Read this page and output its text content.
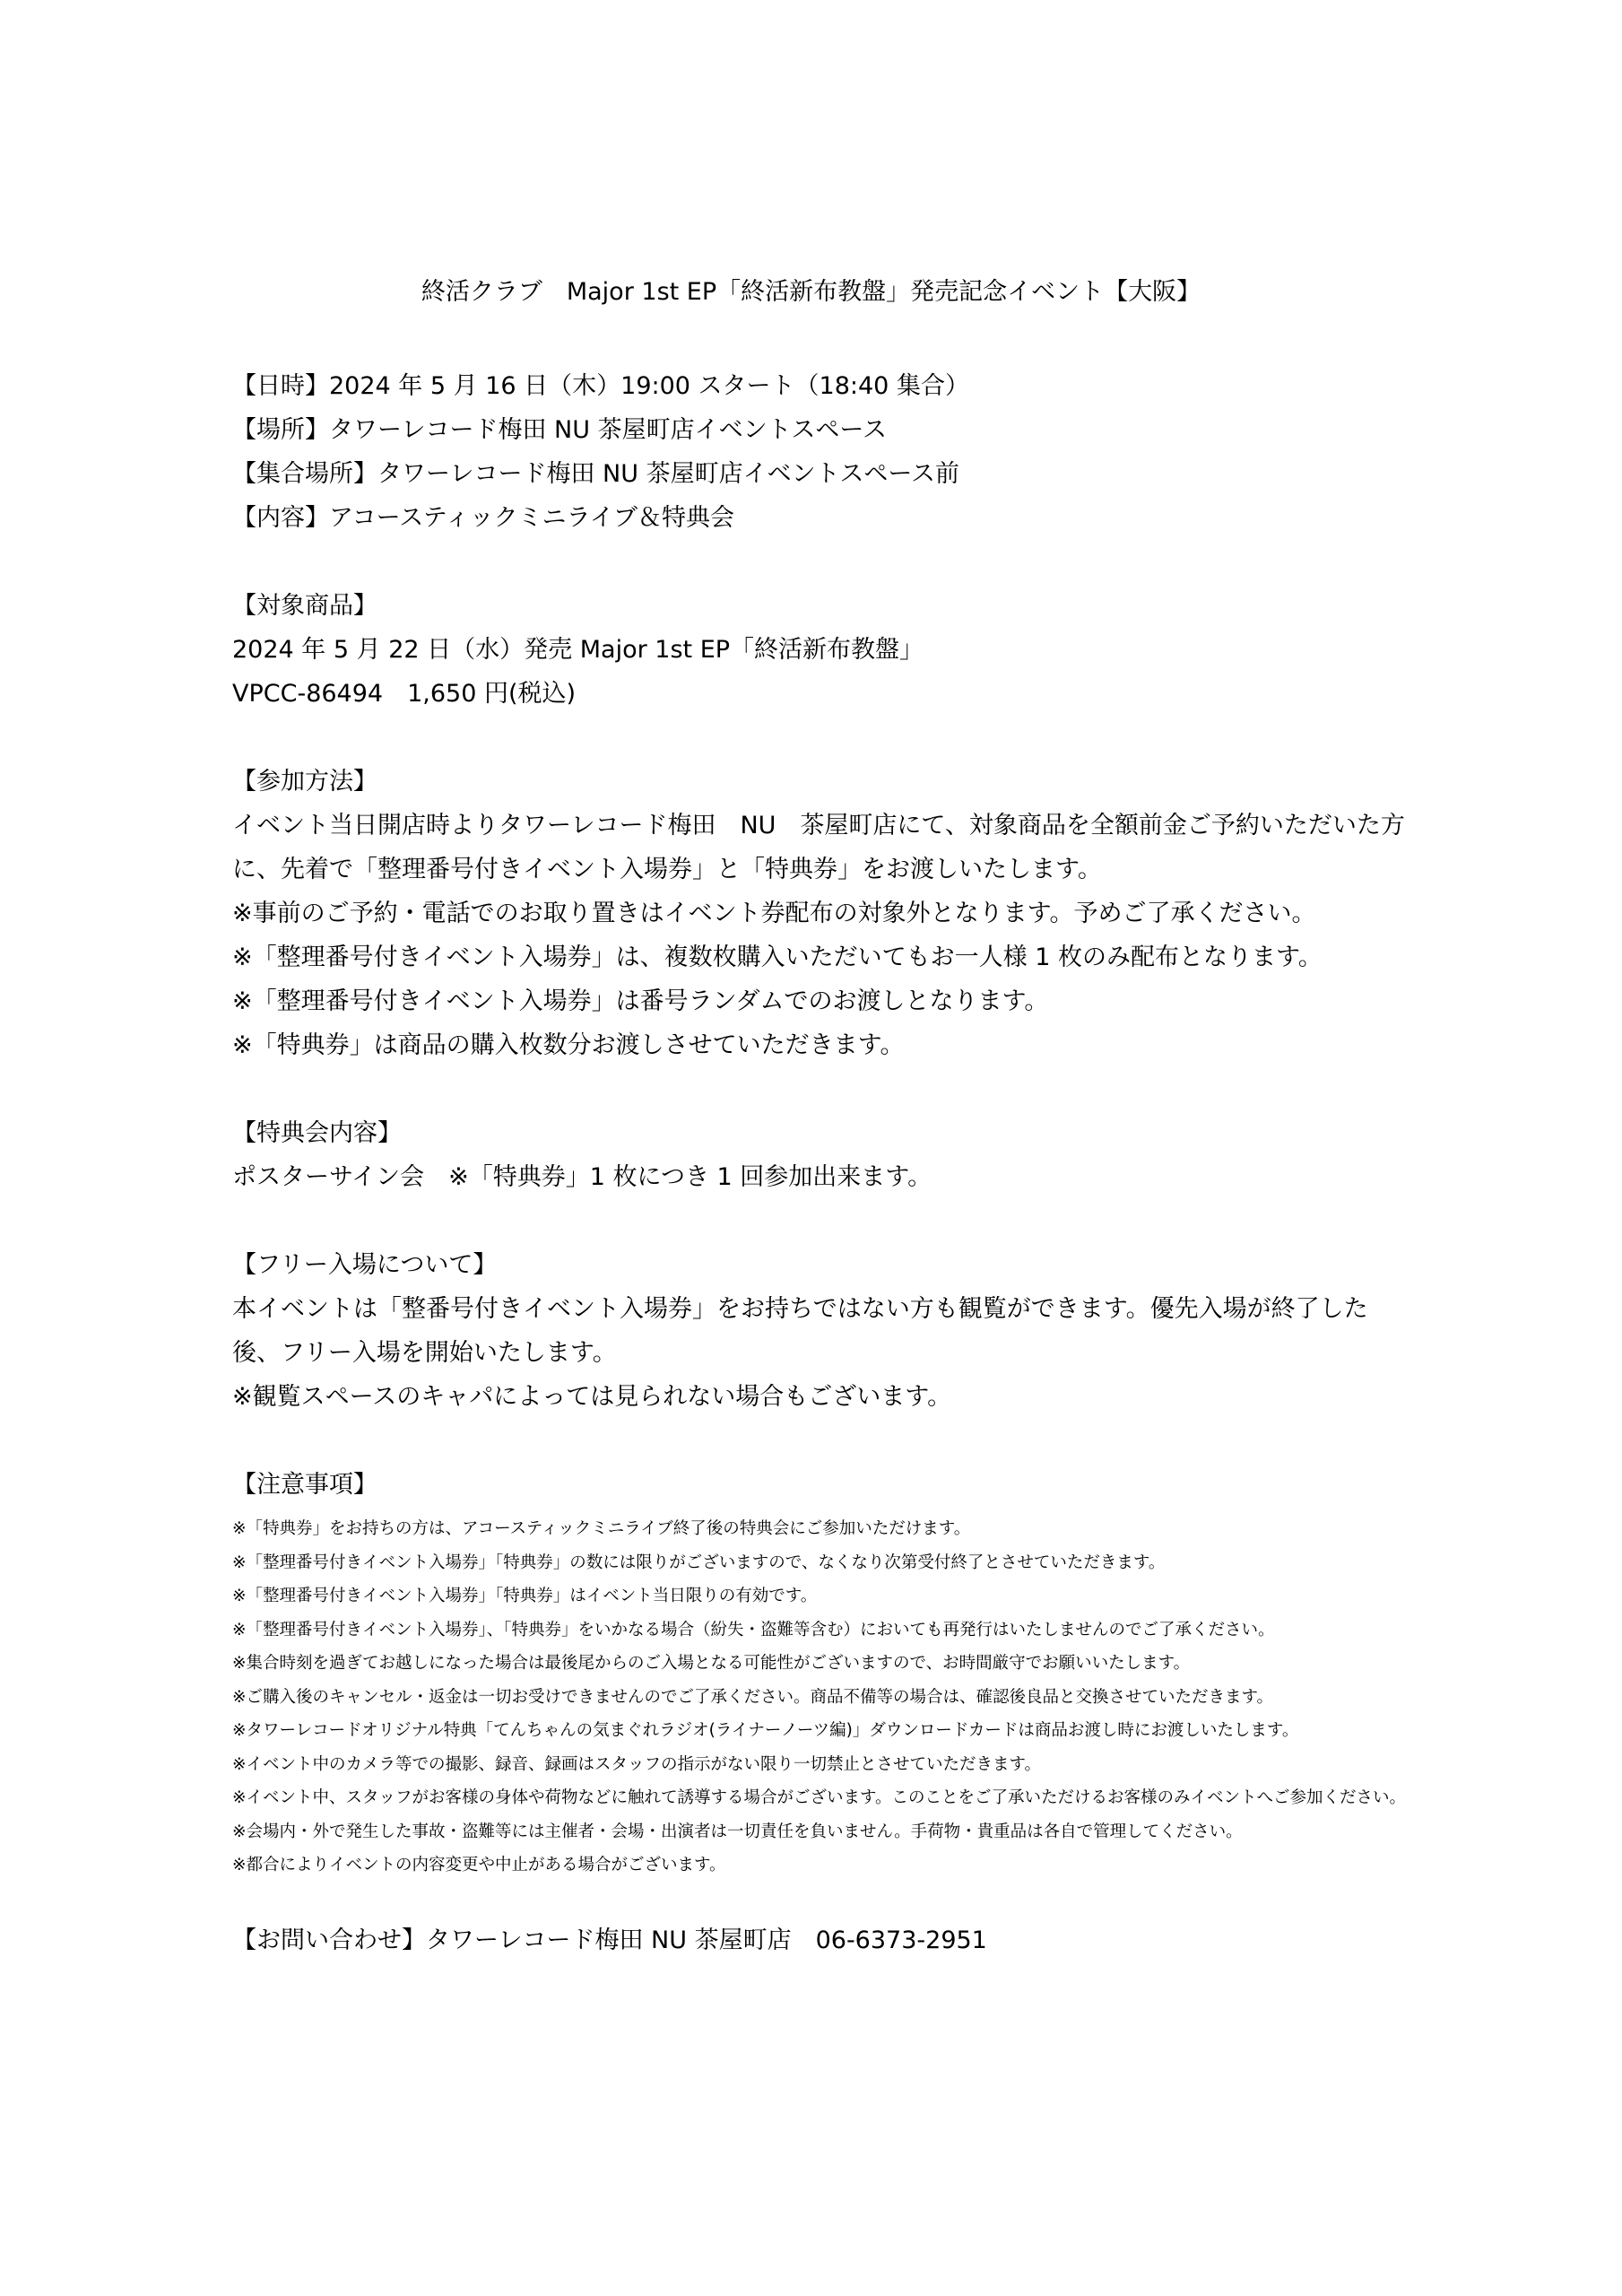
終活クラブ　Major 1st EP「終活新布教盤」発売記念イベント【大阪】
【日時】2024 年 5 月 16 日（木）19:00 スタート（18:40 集合）
【場所】タワーレコード梅田 NU 茶屋町店イベントスペース
【集合場所】タワーレコード梅田 NU 茶屋町店イベントスペース前
【内容】アコースティックミニライブ＆特典会
【対象商品】
2024 年 5 月 22 日（水）発売 Major 1st EP「終活新布教盤」
VPCC-86494　1,650 円(税込)
【参加方法】
イベント当日開店時よりタワーレコード梅田　NU　茶屋町店にて、対象商品を全額前金ご予約いただいた方に、先着で「整理番号付きイベント入場券」と「特典券」をお渡しいたします。
※事前のご予約・電話でのお取り置きはイベント券配布の対象外となります。予めご了承ください。
※「整理番号付きイベント入場券」は、複数枚購入いただいてもお一人様 1 枚のみ配布となります。
※「整理番号付きイベント入場券」は番号ランダムでのお渡しとなります。
※「特典券」は商品の購入枚数分お渡しさせていただきます。
【特典会内容】
ポスターサイン会　※「特典券」1 枚につき 1 回参加出来ます。
【フリー入場について】
本イベントは「整番号付きイベント入場券」をお持ちではない方も観覧ができます。優先入場が終了した後、フリー入場を開始いたします。
※観覧スペースのキャパによっては見られない場合もございます。
【注意事項】
※「特典券」をお持ちの方は、アコースティックミニライブ終了後の特典会にご参加いただけます。
※「整理番号付きイベント入場券」「特典券」の数には限りがございますので、なくなり次第受付終了とさせていただきます。
※「整理番号付きイベント入場券」「特典券」はイベント当日限りの有効です。
※「整理番号付きイベント入場券」、「特典券」をいかなる場合（紛失・盗難等含む）においても再発行はいたしませんのでご了承ください。
※集合時刻を過ぎてお越しになった場合は最後尾からのご入場となる可能性がございますので、お時間厳守でお願いいたします。
※ご購入後のキャンセル・返金は一切お受けできませんのでご了承ください。商品不備等の場合は、確認後良品と交換させていただきます。
※タワーレコードオリジナル特典「てんちゃんの気まぐれラジオ(ライナーノーツ編)」ダウンロードカードは商品お渡し時にお渡しいたします。
※イベント中のカメラ等での撮影、録音、録画はスタッフの指示がない限り一切禁止とさせていただきます。
※イベント中、スタッフがお客様の身体や荷物などに触れて誘導する場合がございます。このことをご了承いただけるお客様のみイベントへご参加ください。
※会場内・外で発生した事故・盗難等には主催者・会場・出演者は一切責任を負いません。手荷物・貴重品は各自で管理してください。
※都合によりイベントの内容変更や中止がある場合がございます。
【お問い合わせ】タワーレコード梅田 NU 茶屋町店　06-6373-2951
